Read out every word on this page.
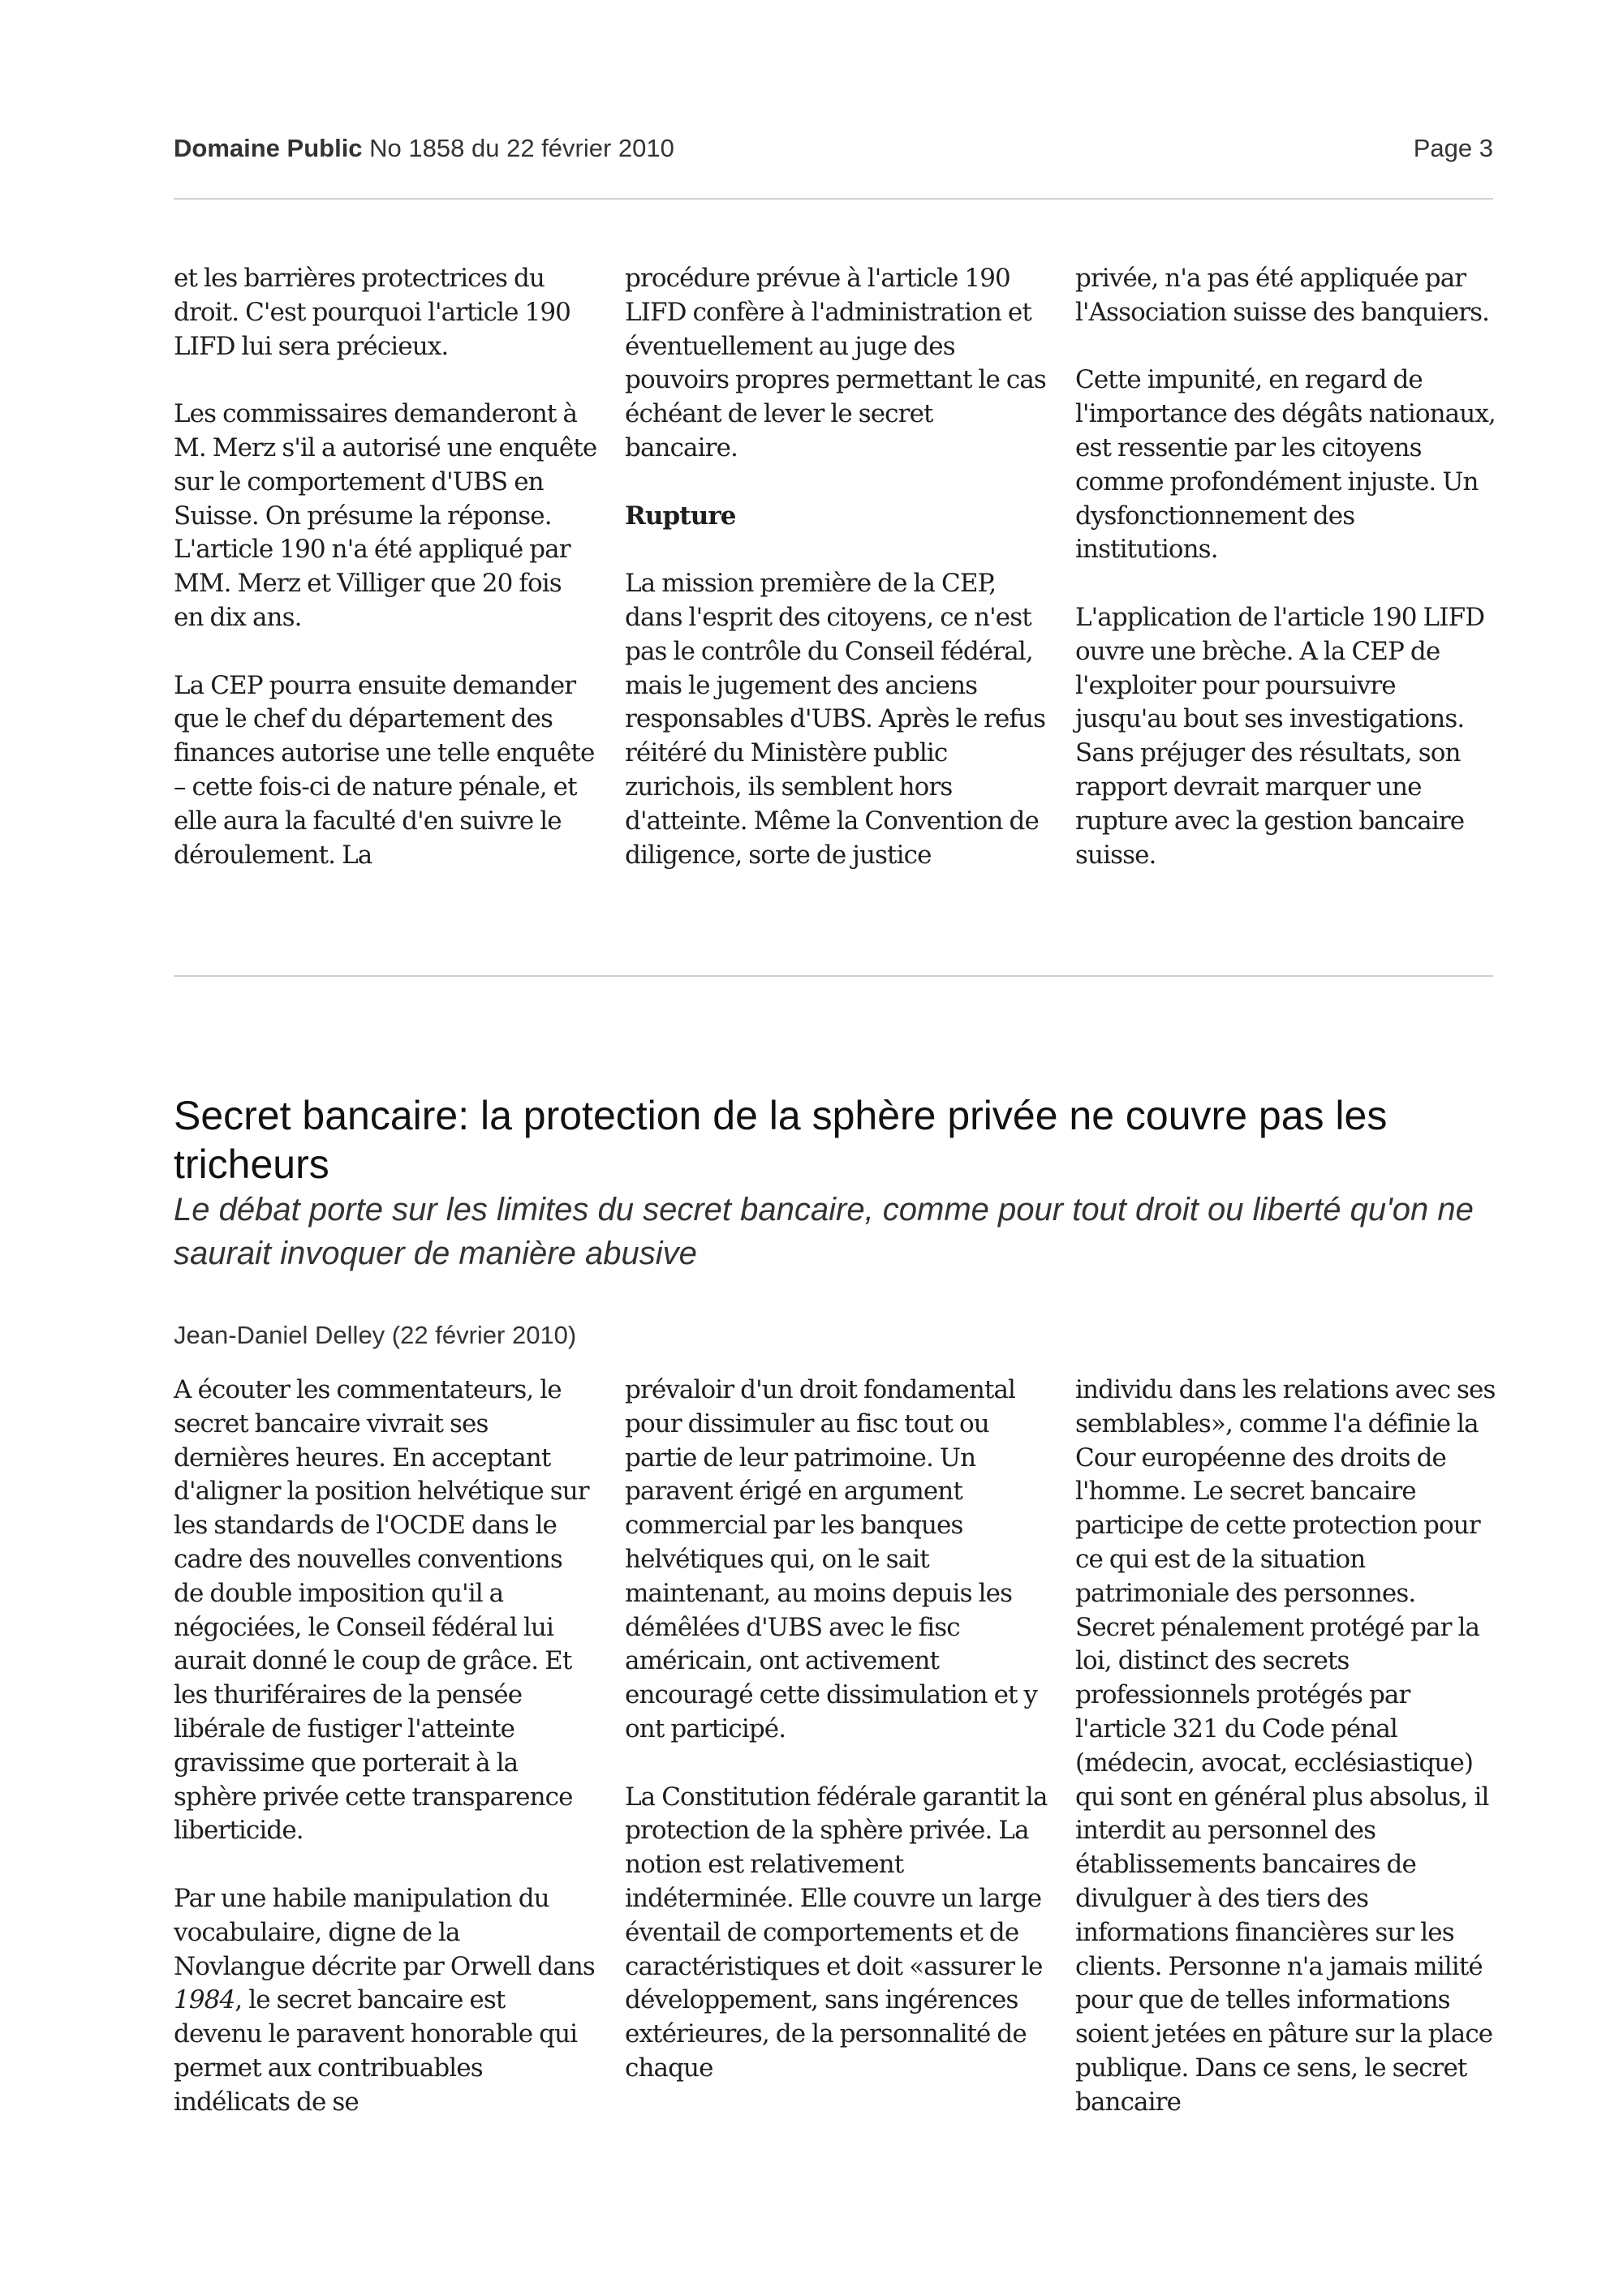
Domaine Public No 1858 du 22 février 2010	Page 3

et les barrières protectrices du droit. C'est pourquoi l'article 190 LIFD lui sera précieux.

Les commissaires demanderont à M. Merz s'il a autorisé une enquête sur le comportement d'UBS en Suisse. On présume la réponse. L'article 190 n'a été appliqué par MM. Merz et Villiger que 20 fois en dix ans.

La CEP pourra ensuite demander que le chef du département des finances autorise une telle enquête – cette fois-ci de nature pénale, et elle aura la faculté d'en suivre le déroulement. La

procédure prévue à l'article 190 LIFD confère à l'administration et éventuellement au juge des pouvoirs propres permettant le cas échéant de lever le secret bancaire.

Rupture

La mission première de la CEP, dans l'esprit des citoyens, ce n'est pas le contrôle du Conseil fédéral, mais le jugement des anciens responsables d'UBS. Après le refus réitéré du Ministère public zurichois, ils semblent hors d'atteinte. Même la Convention de diligence, sorte de justice

privée, n'a pas été appliquée par l'Association suisse des banquiers.

Cette impunité, en regard de l'importance des dégâts nationaux, est ressentie par les citoyens comme profondément injuste. Un dysfonctionnement des institutions.

L'application de l'article 190 LIFD ouvre une brèche. A la CEP de l'exploiter pour poursuivre jusqu'au bout ses investigations. Sans préjuger des résultats, son rapport devrait marquer une rupture avec la gestion bancaire suisse.

Secret bancaire: la protection de la sphère privée ne couvre pas les tricheurs
Le débat porte sur les limites du secret bancaire, comme pour tout droit ou liberté qu'on ne saurait invoquer de manière abusive
Jean-Daniel Delley (22 février 2010)

A écouter les commentateurs, le secret bancaire vivrait ses dernières heures. En acceptant d'aligner la position helvétique sur les standards de l'OCDE dans le cadre des nouvelles conventions de double imposition qu'il a négociées, le Conseil fédéral lui aurait donné le coup de grâce. Et les thuriféraires de la pensée libérale de fustiger l'atteinte gravissime que porterait à la sphère privée cette transparence liberticide.

Par une habile manipulation du vocabulaire, digne de la Novlangue décrite par Orwell dans 1984, le secret bancaire est devenu le paravent honorable qui permet aux contribuables indélicats de se

prévaloir d'un droit fondamental pour dissimuler au fisc tout ou partie de leur patrimoine. Un paravent érigé en argument commercial par les banques helvétiques qui, on le sait maintenant, au moins depuis les démêlées d'UBS avec le fisc américain, ont activement encouragé cette dissimulation et y ont participé.

La Constitution fédérale garantit la protection de la sphère privée. La notion est relativement indéterminée. Elle couvre un large éventail de comportements et de caractéristiques et doit «assurer le développement, sans ingérences extérieures, de la personnalité de chaque

individu dans les relations avec ses semblables», comme l'a définie la Cour européenne des droits de l'homme. Le secret bancaire participe de cette protection pour ce qui est de la situation patrimoniale des personnes. Secret pénalement protégé par la loi, distinct des secrets professionnels protégés par l'article 321 du Code pénal (médecin, avocat, ecclésiastique) qui sont en général plus absolus, il interdit au personnel des établissements bancaires de divulguer à des tiers des informations financières sur les clients. Personne n'a jamais milité pour que de telles informations soient jetées en pâture sur la place publique. Dans ce sens, le secret bancaire
